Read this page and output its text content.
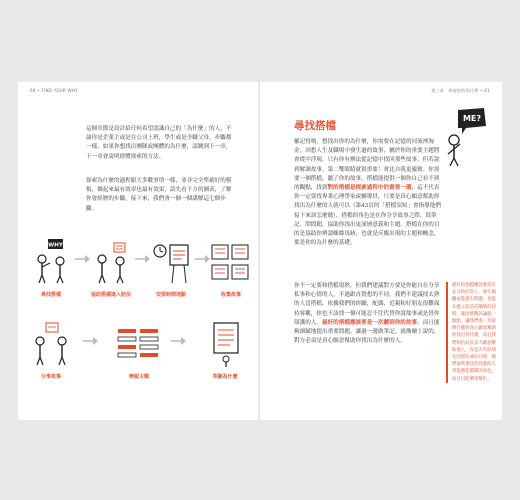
68 • FIND YOUR WHY

這個章節是設計給任何希望認識自己的「為什麼」的人，不論你是企業主或是在公司上班，學生或是全職父母，步驟都一樣。如果你想找出團隊或團體的為什麼，請跳到下一章，下一章會說明群體探索的方法。

探索為什麼的過程跟大多數事情一樣，並非完全準確好的模板，做起來最有效率也最有效果，請先看下方的圖表，了解你會經歷的步驟，接下來，我們會一個一個講解這七個步驟。

WHY
尋找搭檔	協助搭檔進入狀況	安排時間地點	收集故事
分享故事	辨認主題	草擬為什麼
第三章　探索你的為什麼 • 81
ME?
尋找搭檔

羅記得嗎，想找出你的為什麼，你需要在記憶的河流裡淘金，回想人生及職場中發生過的故事，屬於你的重要主題將會從中浮現，只有你有辦法從記憶中找回那些故事，但若說到解讀故事，第二雙眼睛就很重要！會比自我更靈敏。你需要一個搭檔，聽了你的故事，搭檔能提供一個你自己看不到的觀點，找到對的搭檔是探索過程中的重要一環，這不代表你一定要找專業心理學家或輔導員，只要是真心願意幫助你找出為什麼的人就可以（第43頁的「搭檔須知」會指導他們接下來該怎麼做）。搭檔的角色是在你分享故事之際，寫筆記、問問題，協助你找出更深層意義和主題。搭檔在你的目的是協助你辨認蛛絲馬跡，也就是反覆出現的主題和概念，那是你的為什麼的基礎。

你不一定要和搭檔很熟，但我們建議對方要是你能自在分享私事和心情的人，不過跟直覺想的不同，我們不建議找太熟的人當搭檔，依據我們的經驗，配偶、近親和好朋友很難保持客觀，你也不該找一個可能忍不住代替你說故事或是替你辯護的人。最好的搭檔應該要是一次聽到你的故事，而且能夠細膩地提出重要問題，讓過一邊做筆記。就像爾士說的，對方必須是真心願意幫助你找出為什麼的人。

最好的搭檔應該要是有充分的好奇心，會仔細聽並能提出問題，也能在建立起信任關係的同時，適度挑戰該論點一點點，讓我們進一步說明什麼叫真心願意幫助你找出為什麼，而且我們相信有許多人願意幫助他人，你是否有好朋友的朋友或好同事，他們通常會比你熟悉的人更能勝任搭檔的角色，而且可能樂意幫忙。
